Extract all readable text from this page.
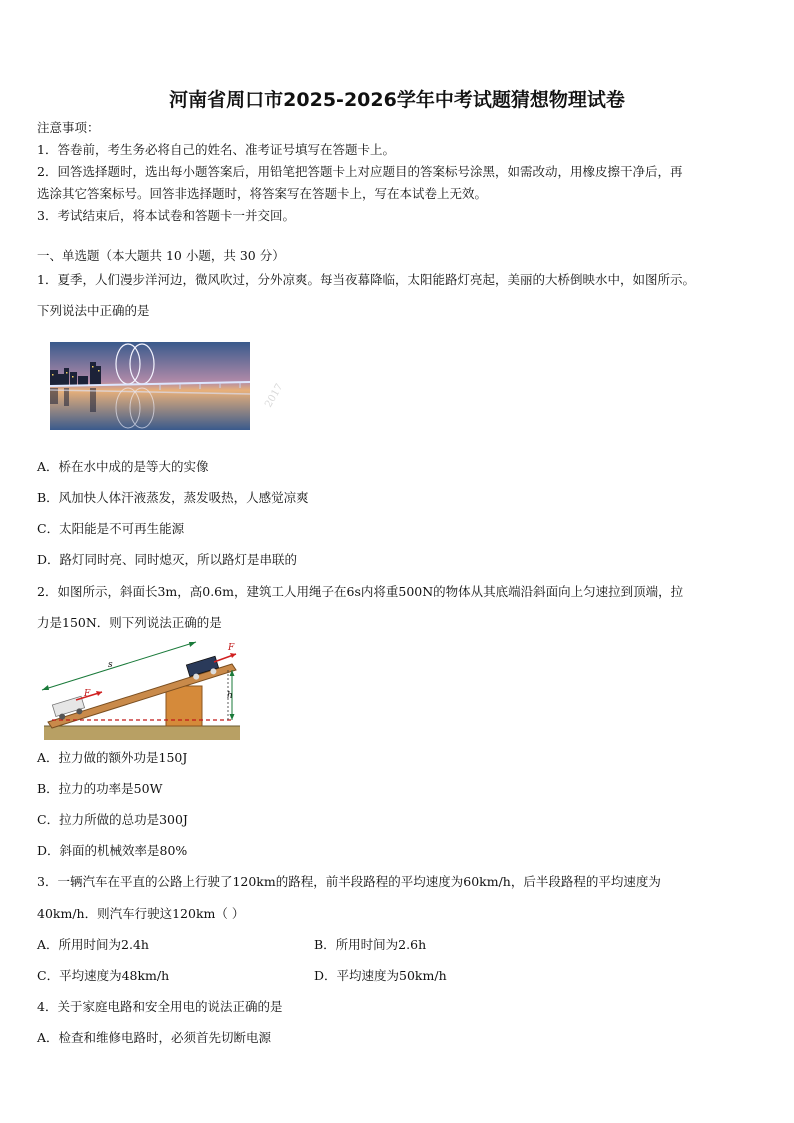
河南省周口市2025-2026学年中考试题猜想物理试卷
注意事项：
1．答卷前，考生务必将自己的姓名、准考证号填写在答题卡上。
2．回答选择题时，选出每小题答案后，用铅笔把答题卡上对应题目的答案标号涂黑，如需改动，用橡皮擦干净后，再
选涂其它答案标号。回答非选择题时，将答案写在答题卡上，写在本试卷上无效。
3．考试结束后，将本试卷和答题卡一并交回。
一、单选题（本大题共 10 小题，共 30 分）
1．夏季，人们漫步洋河边，微风吹过，分外凉爽。每当夜幕降临，太阳能路灯亮起，美丽的大桥倒映水中，如图所示。
下列说法中正确的是
2017
A．桥在水中成的是等大的实像
B．风加快人体汗液蒸发，蒸发吸热，人感觉凉爽
C．太阳能是不可再生能源
D．路灯同时亮、同时熄灭，所以路灯是串联的
2．如图所示，斜面长3m，高0.6m，建筑工人用绳子在6s内将重500N的物体从其底端沿斜面向上匀速拉到顶端，拉
力是150N．则下列说法正确的是
s
h
F
F
A．拉力做的额外功是150J
B．拉力的功率是50W
C．拉力所做的总功是300J
D．斜面的机械效率是80%
3．一辆汽车在平直的公路上行驶了120km的路程，前半段路程的平均速度为60km/h，后半段路程的平均速度为
40km/h．则汽车行驶这120km（ ）
A．所用时间为2.4h	B．所用时间为2.6h
C．平均速度为48km/h	D．平均速度为50km/h
4．关于家庭电路和安全用电的说法正确的是
A．检查和维修电路时，必须首先切断电源
